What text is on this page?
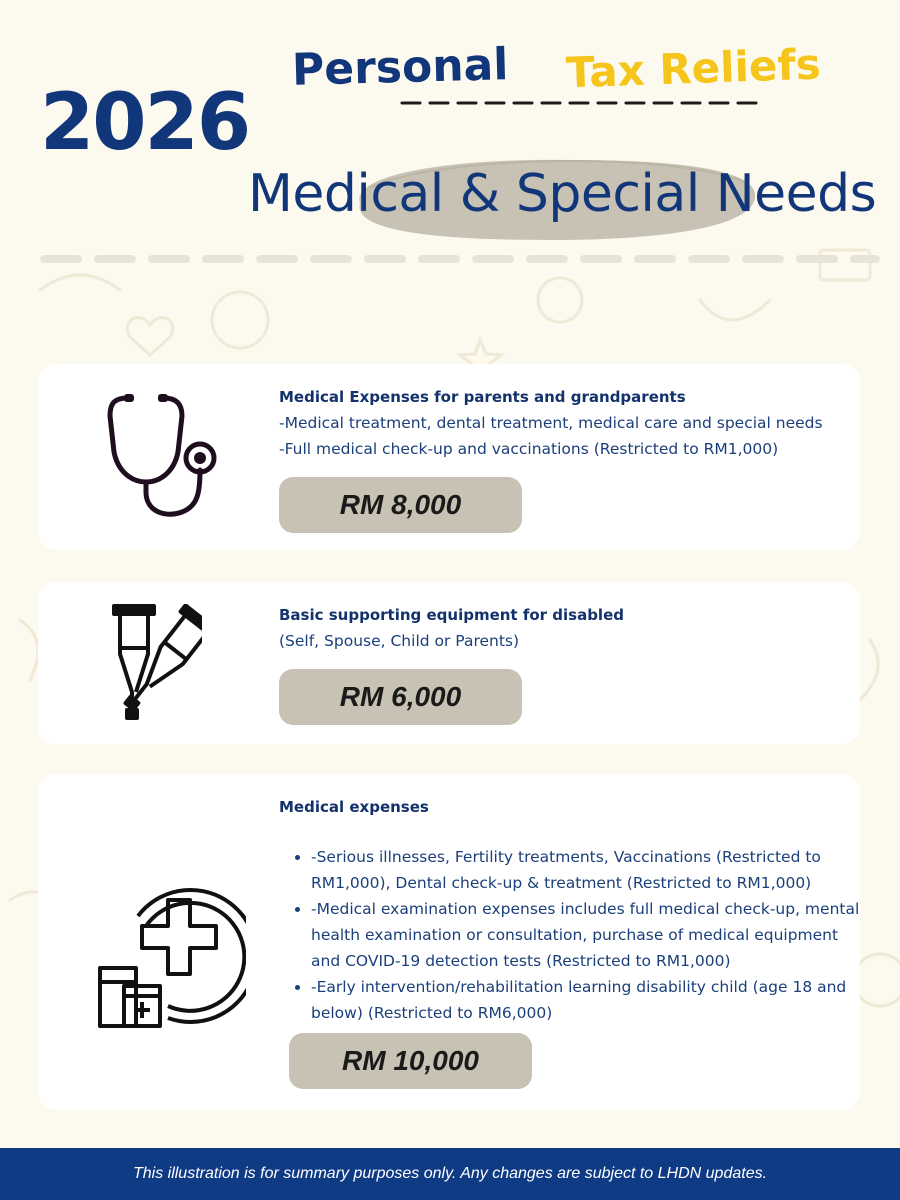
Personal Tax Reliefs
2026
Medical & Special Needs
Medical Expenses for parents and grandparents
-Medical treatment, dental treatment, medical care and special needs
-Full medical check-up and vaccinations (Restricted to RM1,000)
RM 8,000
Basic supporting equipment for disabled
(Self, Spouse, Child or Parents)
RM 6,000
Medical expenses
• -Serious illnesses, Fertility treatments, Vaccinations (Restricted to RM1,000), Dental check-up & treatment (Restricted to RM1,000)
• -Medical examination expenses includes full medical check-up, mental health examination or consultation, purchase of medical equipment and COVID-19 detection tests (Restricted to RM1,000)
• -Early intervention/rehabilitation learning disability child (age 18 and below) (Restricted to RM6,000)
RM 10,000
This illustration is for summary purposes only. Any changes are subject to LHDN updates.
